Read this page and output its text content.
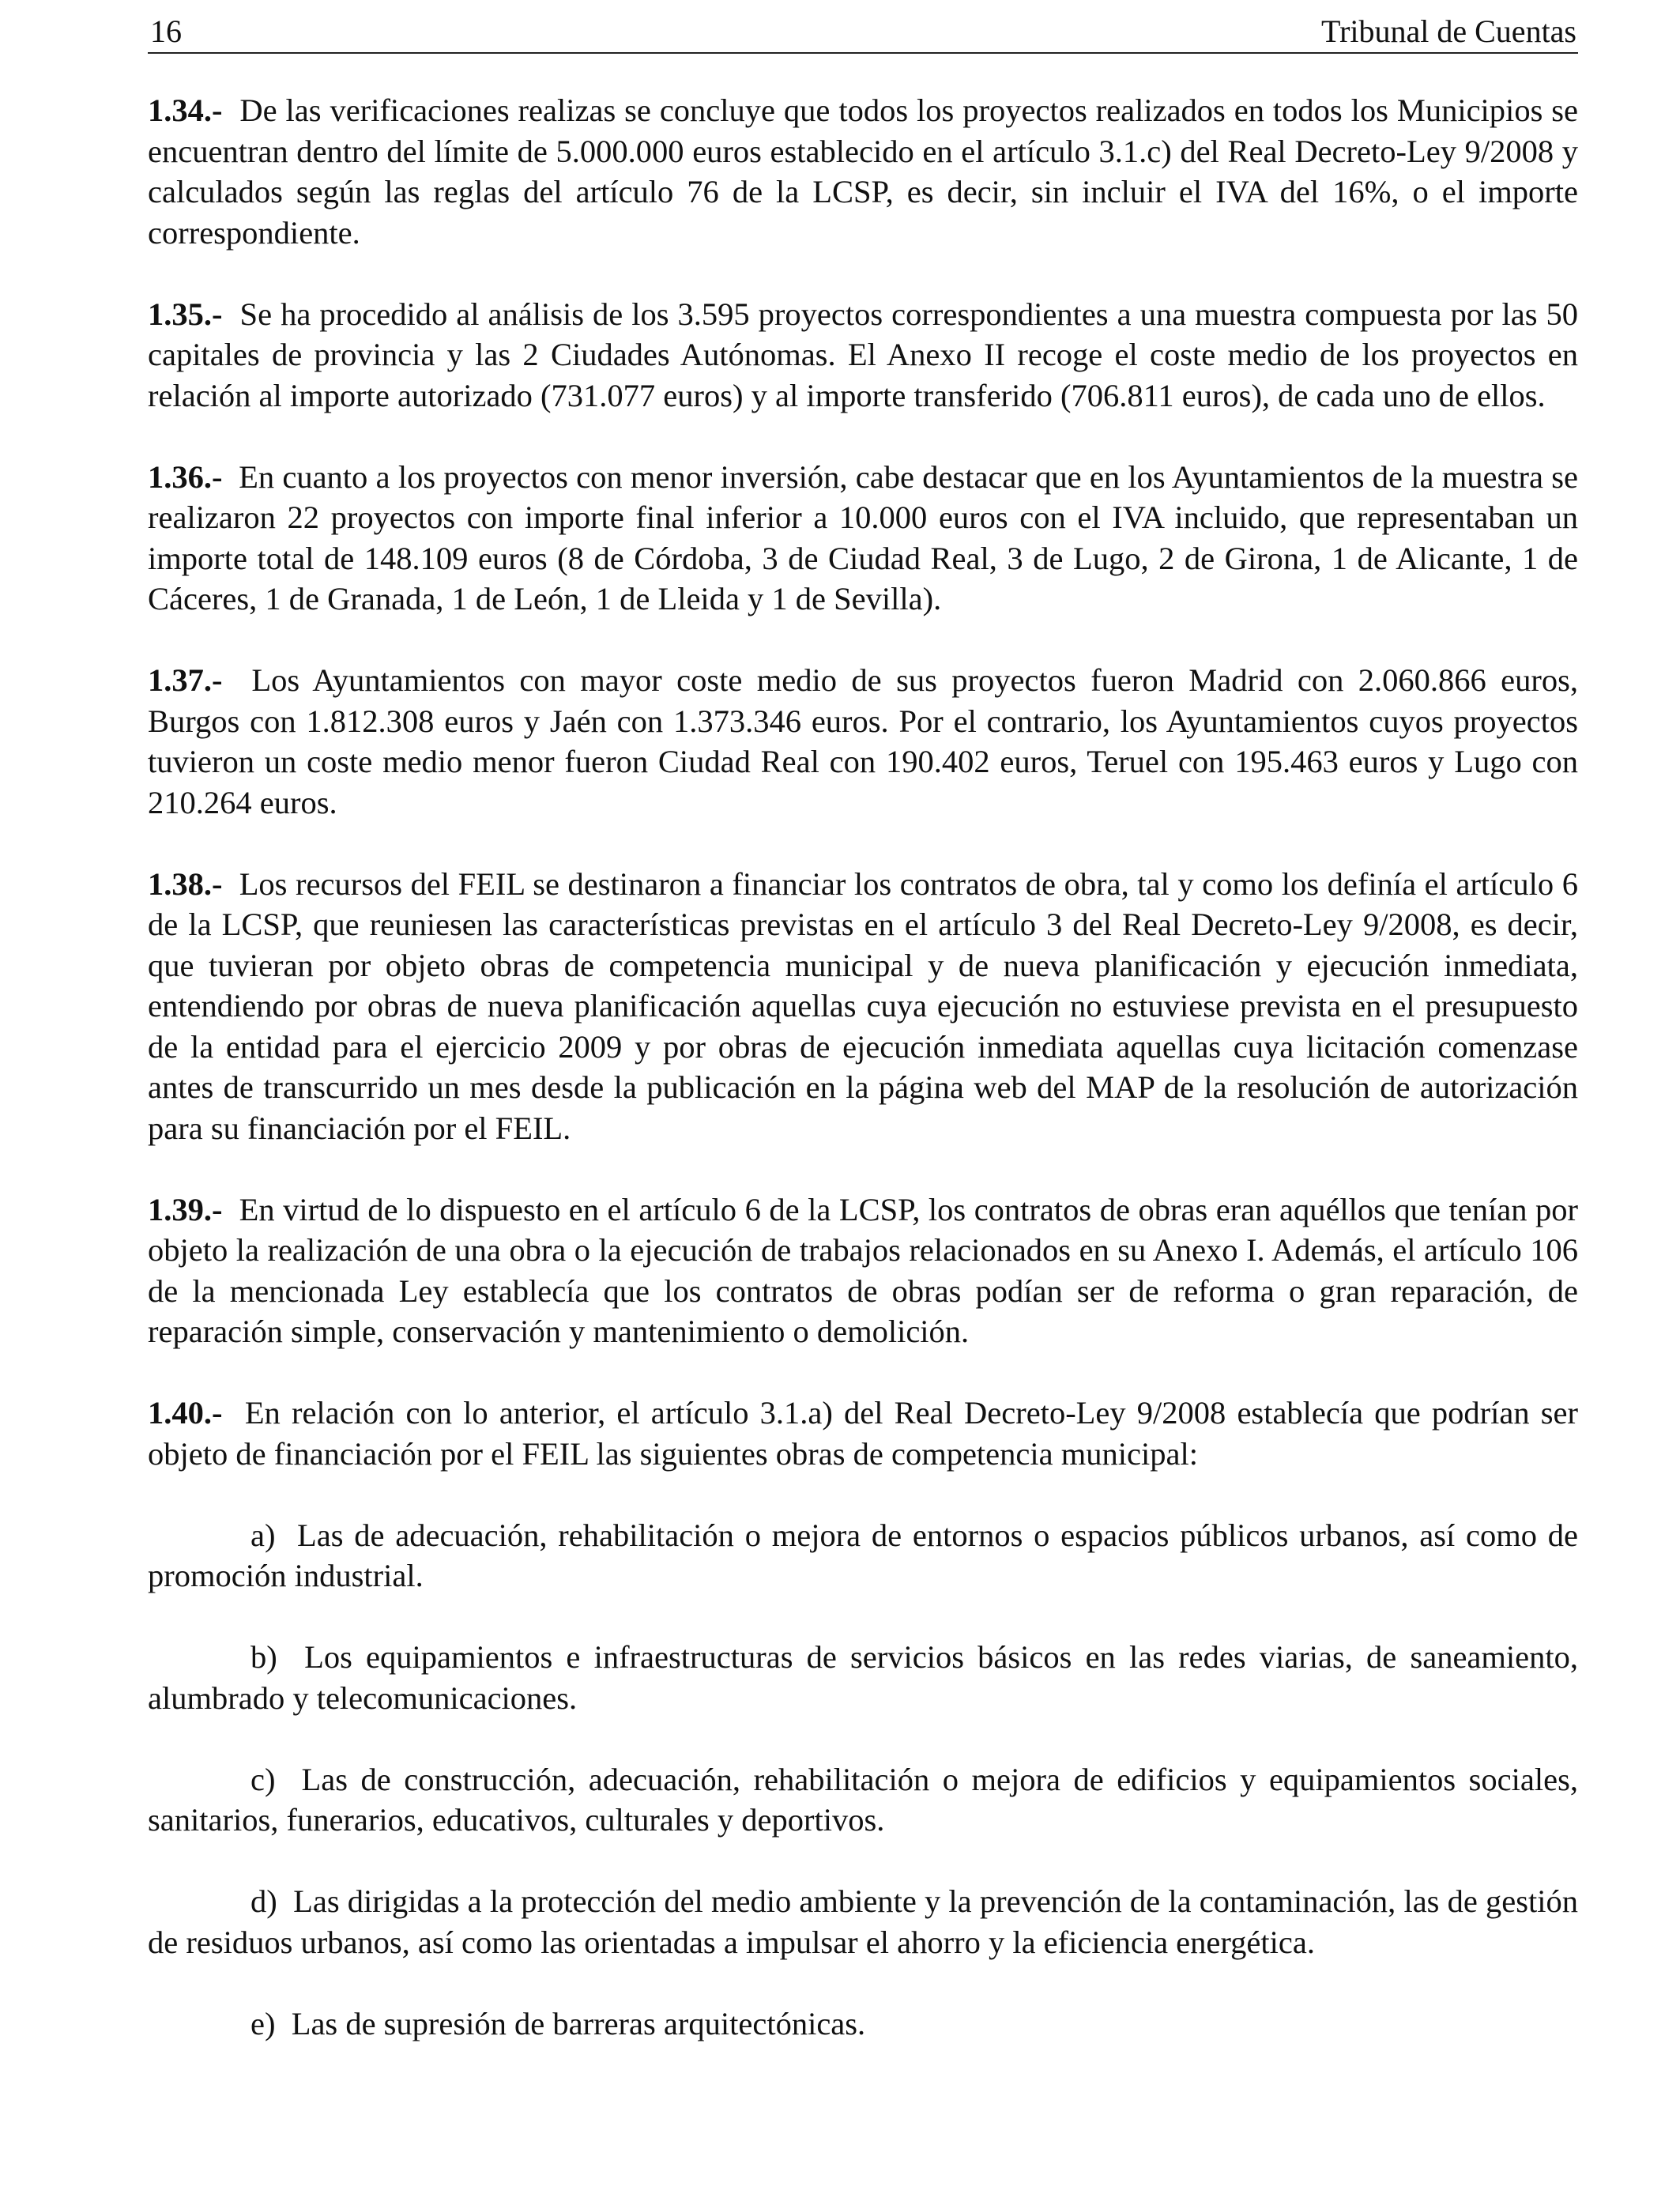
16	Tribunal de Cuentas

1.34.- De las verificaciones realizas se concluye que todos los proyectos realizados en todos los Municipios se encuentran dentro del límite de 5.000.000 euros establecido en el artículo 3.1.c) del Real Decreto-Ley 9/2008 y calculados según las reglas del artículo 76 de la LCSP, es decir, sin incluir el IVA del 16%, o el importe correspondiente.

1.35.- Se ha procedido al análisis de los 3.595 proyectos correspondientes a una muestra compuesta por las 50 capitales de provincia y las 2 Ciudades Autónomas. El Anexo II recoge el coste medio de los proyectos en relación al importe autorizado (731.077 euros) y al importe transferido (706.811 euros), de cada uno de ellos.

1.36.- En cuanto a los proyectos con menor inversión, cabe destacar que en los Ayuntamientos de la muestra se realizaron 22 proyectos con importe final inferior a 10.000 euros con el IVA incluido, que representaban un importe total de 148.109 euros (8 de Córdoba, 3 de Ciudad Real, 3 de Lugo, 2 de Girona, 1 de Alicante, 1 de Cáceres, 1 de Granada, 1 de León, 1 de Lleida y 1 de Sevilla).

1.37.- Los Ayuntamientos con mayor coste medio de sus proyectos fueron Madrid con 2.060.866 euros, Burgos con 1.812.308 euros y Jaén con 1.373.346 euros. Por el contrario, los Ayuntamientos cuyos proyectos tuvieron un coste medio menor fueron Ciudad Real con 190.402 euros, Teruel con 195.463 euros y Lugo con 210.264 euros.

1.38.- Los recursos del FEIL se destinaron a financiar los contratos de obra, tal y como los definía el artículo 6 de la LCSP, que reuniesen las características previstas en el artículo 3 del Real Decreto-Ley 9/2008, es decir, que tuvieran por objeto obras de competencia municipal y de nueva planificación y ejecución inmediata, entendiendo por obras de nueva planificación aquellas cuya ejecución no estuviese prevista en el presupuesto de la entidad para el ejercicio 2009 y por obras de ejecución inmediata aquellas cuya licitación comenzase antes de transcurrido un mes desde la publicación en la página web del MAP de la resolución de autorización para su financiación por el FEIL.

1.39.- En virtud de lo dispuesto en el artículo 6 de la LCSP, los contratos de obras eran aquéllos que tenían por objeto la realización de una obra o la ejecución de trabajos relacionados en su Anexo I. Además, el artículo 106 de la mencionada Ley establecía que los contratos de obras podían ser de reforma o gran reparación, de reparación simple, conservación y mantenimiento o demolición.

1.40.- En relación con lo anterior, el artículo 3.1.a) del Real Decreto-Ley 9/2008 establecía que podrían ser objeto de financiación por el FEIL las siguientes obras de competencia municipal:

a) Las de adecuación, rehabilitación o mejora de entornos o espacios públicos urbanos, así como de promoción industrial.

b) Los equipamientos e infraestructuras de servicios básicos en las redes viarias, de saneamiento, alumbrado y telecomunicaciones.

c) Las de construcción, adecuación, rehabilitación o mejora de edificios y equipamientos sociales, sanitarios, funerarios, educativos, culturales y deportivos.

d) Las dirigidas a la protección del medio ambiente y la prevención de la contaminación, las de gestión de residuos urbanos, así como las orientadas a impulsar el ahorro y la eficiencia energética.

e) Las de supresión de barreras arquitectónicas.
